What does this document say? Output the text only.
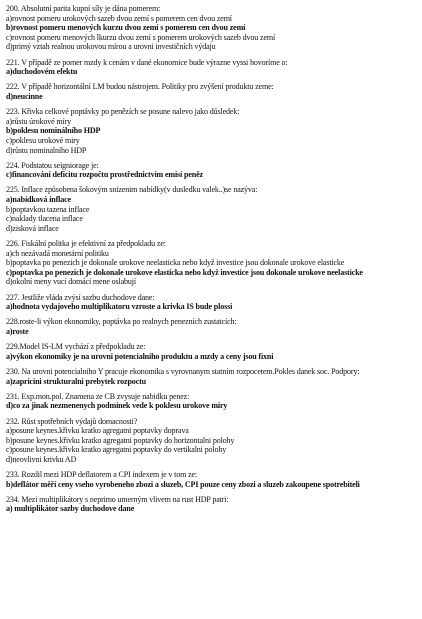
200. Absolutní parita kupní síly je dána pomerem:
a)rovnost pomeru urokových sazeb dvou zemí s pomerem cen dvou zemí
b)rovnost pomeru menových kurzu dvou zemí s pomerem cen dvou zemí
c)rovnost pomeru menových lkurzu dvou zemí s pomerem urokových sazeb dvou zemí
d)primý vztah realnou urokovou mírou a urovni investičních výdaju
221. V případě ze pomer mzdy k cenám v dané ekonomice bude výrazne vyssi hovoríme o:
a)duchodovém efektu
222. V případě horizontální LM budou nástrojem. Politiky pro zvýšení produktu zeme:
d)neucinne
223. Křivka celkové poptávky po penězích se posune nalevo jako důsledek:
a)růstu úrokové míry
b)poklesu nominálního HDP
c)poklesu urokové miry
d)růstu nominalního HDP
224. Podstatou seigniorage je:
c)financování deficitu rozpočtu prostřednictvím emisí peněz
225. Inflace způsobena šokovým snizenim nabídky(v dusledku valek..)se nazýva:
a)nabídková inflace
b)poptavkou tazena inflace
c)naklady tlacena inflace
d)zisková inflace
226. Fiskální politka je efektivní za předpokladu ze:
a)cb nezávadá monetární politiku
b)poptavka po penezich je dokonale urokove neelasticka nebo když investice jsou dokonale urokove elasticke
c)poptavka po penezich je dokonale urokove elasticka nebo když investice jsou dokonale urokove neelasticke
d)okolní meny vucí domácí mene oslabují
227. Jestliže vláda zvýsí sazbu duchodove dane:
a)hodnota vydajoveho multiplikatoru vzroste a krivka IS bude plossi
228.roste-li výkon ekonomiky, poptávka po realnych penezních zustatcích:
a)roste
229.Model IS-LM vychází z předpokladu ze:
a)výkon ekonomiky je na urovni potencialniho produktu a mzdy a ceny jsou fixni
230. Na urovni potencialniho Y pracuje ekonomika s vyrovnanym statním rozpocetem.Pokles danek soc. Podpory:
a)zapricini strukturalni prebytek rozpoctu
231. Exp.mon.pol. Znamena ze CB zvysuje nabidku penez:
d)co za jinak nezmenenych podminek vede k poklesu urokove miry
232. Růst spotřebních výdajů domacnosti?
a)posune keynes.křivku kratko agregatni poptavky doprava
b)posune keynes.křivku kratko agregatni poptavky do horizontalni polohy
c)posune keynes.křivku kratko agregatni poptavky do vertikalni polohy
d)neovlivni krivku AD
233. Rozdil mezi HDP deflatorem a CPI indexem je v tom ze:
b)deflátor měří ceny vseho vyrobeneho zbozi a sluzeb, CPI pouze ceny zbozi a sluzeb zakoupene spotrebiteli
234. Mezi multiplikátory s neprimo umerným vlivem na rust HDP patri:
a) multiplikátor sazby duchodove dane
